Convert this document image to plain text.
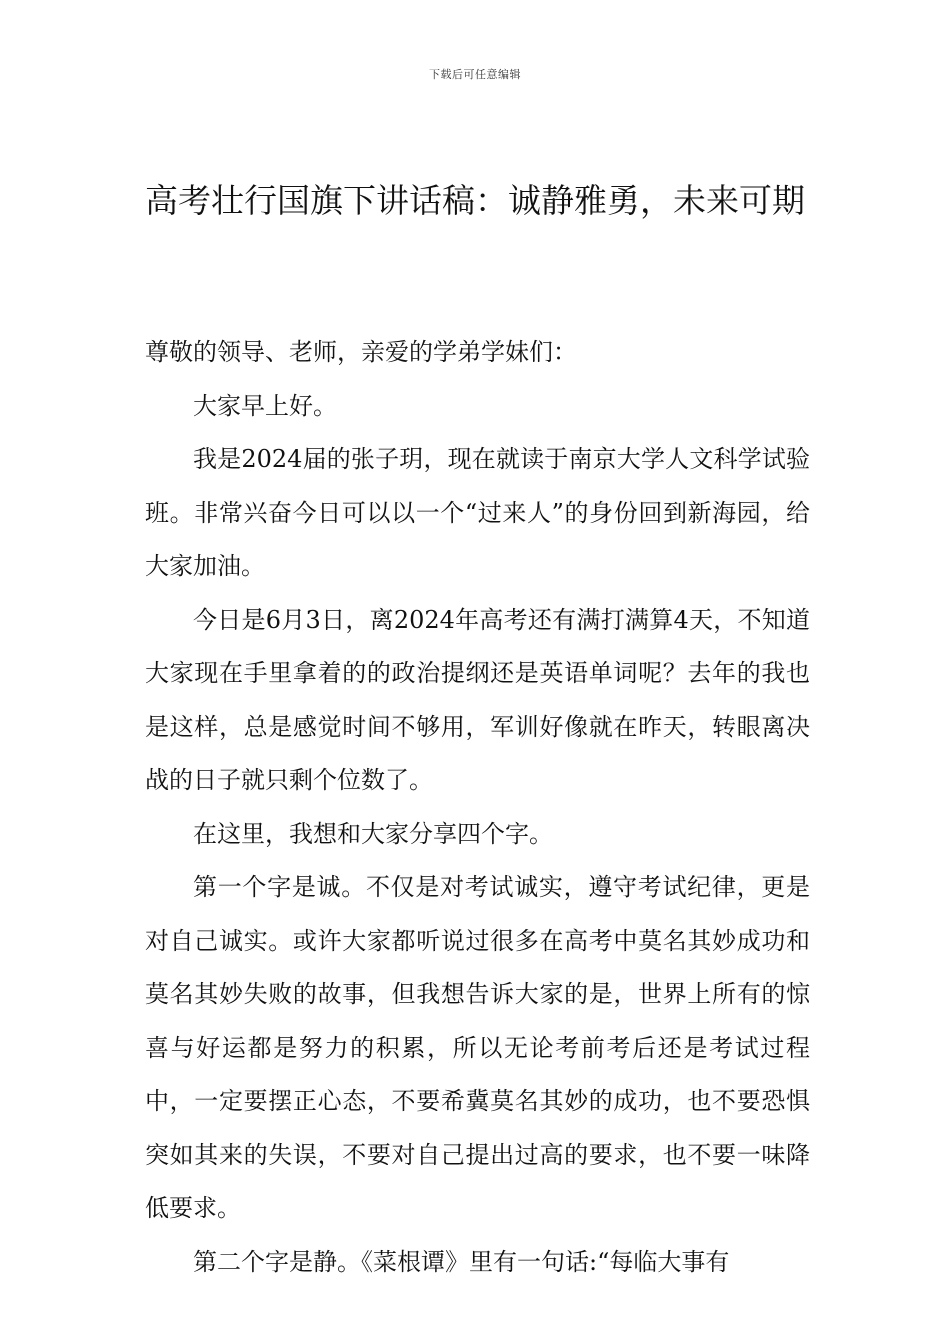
下载后可任意编辑
高考壮行国旗下讲话稿：诚静雅勇，未来可期

尊敬的领导、老师，亲爱的学弟学妹们：

大家早上好。

我是2024届的张子玥，现在就读于南京大学人文科学试验班。非常兴奋今日可以以一个“过来人”的身份回到新海园，给大家加油。

今日是6月3日，离2024年高考还有满打满算4天，不知道大家现在手里拿着的的政治提纲还是英语单词呢？去年的我也是这样，总是感觉时间不够用，军训好像就在昨天，转眼离决战的日子就只剩个位数了。

在这里，我想和大家分享四个字。

第一个字是诚。不仅是对考试诚实，遵守考试纪律，更是对自己诚实。或许大家都听说过很多在高考中莫名其妙成功和莫名其妙失败的故事，但我想告诉大家的是，世界上所有的惊喜与好运都是努力的积累，所以无论考前考后还是考试过程中，一定要摆正心态，不要希冀莫名其妙的成功，也不要恐惧突如其来的失误，不要对自己提出过高的要求，也不要一味降低要求。

第二个字是静。《菜根谭》里有一句话:“每临大事有
